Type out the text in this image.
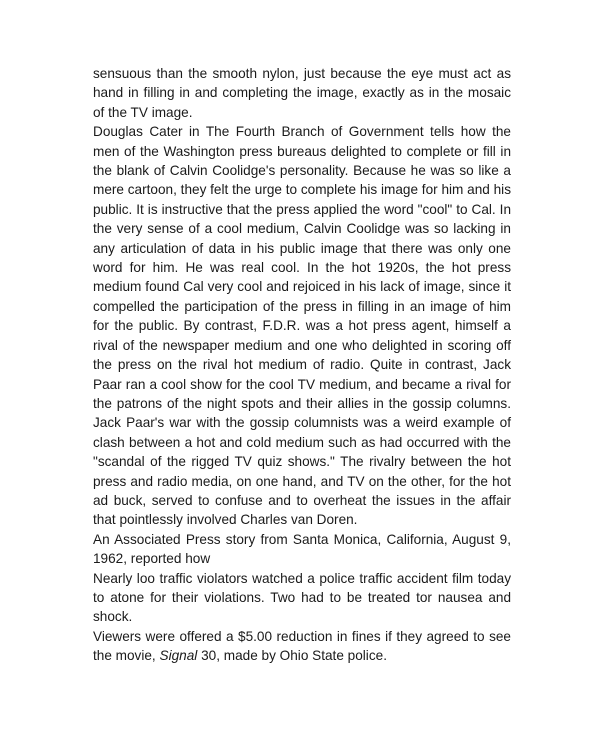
sensuous than the smooth nylon, just because the eye must act as hand in filling in and completing the image, exactly as in the mosaic of the TV image.

Douglas Cater in The Fourth Branch of Government tells how the men of the Washington press bureaus delighted to complete or fill in the blank of Calvin Coolidge's personality. Because he was so like a mere cartoon, they felt the urge to complete his image for him and his public. It is instructive that the press applied the word "cool" to Cal. In the very sense of a cool medium, Calvin Coolidge was so lacking in any articulation of data in his public image that there was only one word for him. He was real cool. In the hot 1920s, the hot press medium found Cal very cool and rejoiced in his lack of image, since it compelled the participation of the press in filling in an image of him for the public. By contrast, F.D.R. was a hot press agent, himself a rival of the newspaper medium and one who delighted in scoring off the press on the rival hot medium of radio. Quite in contrast, Jack Paar ran a cool show for the cool TV medium, and became a rival for the patrons of the night spots and their allies in the gossip columns. Jack Paar's war with the gossip columnists was a weird example of clash between a hot and cold medium such as had occurred with the "scandal of the rigged TV quiz shows." The rivalry between the hot press and radio media, on one hand, and TV on the other, for the hot ad buck, served to confuse and to overheat the issues in the affair that pointlessly involved Charles van Doren.

An Associated Press story from Santa Monica, California, August 9, 1962, reported how

Nearly loo traffic violators watched a police traffic accident film today to atone for their violations. Two had to be treated tor nausea and shock.

Viewers were offered a $5.00 reduction in fines if they agreed to see the movie, Signal 30, made by Ohio State police.
